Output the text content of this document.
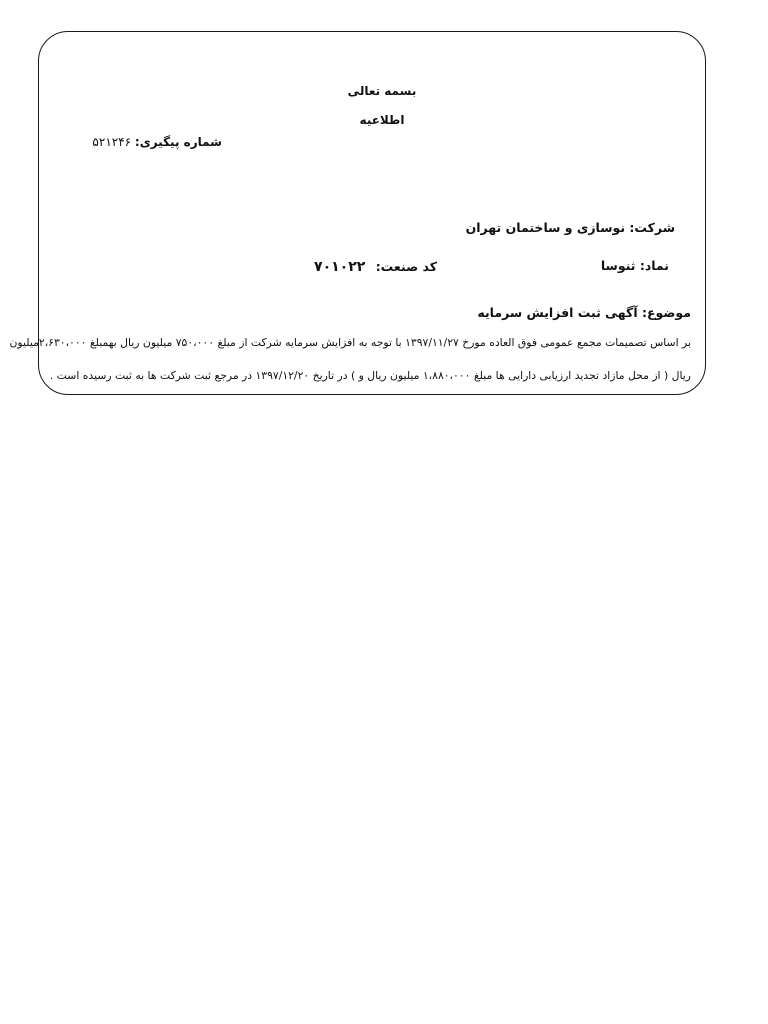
بسمه تعالی
اطلاعیه
شماره پیگیری: ۵۲۱۲۴۶
شرکت: نوسازی و ساختمان تهران
نماد: ثنوسا
کد صنعت: ۷۰۱۰۲۲
موضوع: آگهی ثبت افزایش سرمایه
بر اساس تصمیمات مجمع عمومی فوق العاده مورخ ۱۳۹۷/۱۱/۲۷ با توجه به افزایش سرمایه شرکت از مبلغ ۷۵۰،۰۰۰ میلیون ریال بهمبلغ ۲،۶۳۰،۰۰۰میلیون
ریال ( از محل مازاد تجدید ارزیابی دارایی ها مبلغ ۱،۸۸۰،۰۰۰ میلیون ریال و ) در تاریخ ۱۳۹۷/۱۲/۲۰ در مرجع ثبت شرکت ها به ثبت رسیده است .
